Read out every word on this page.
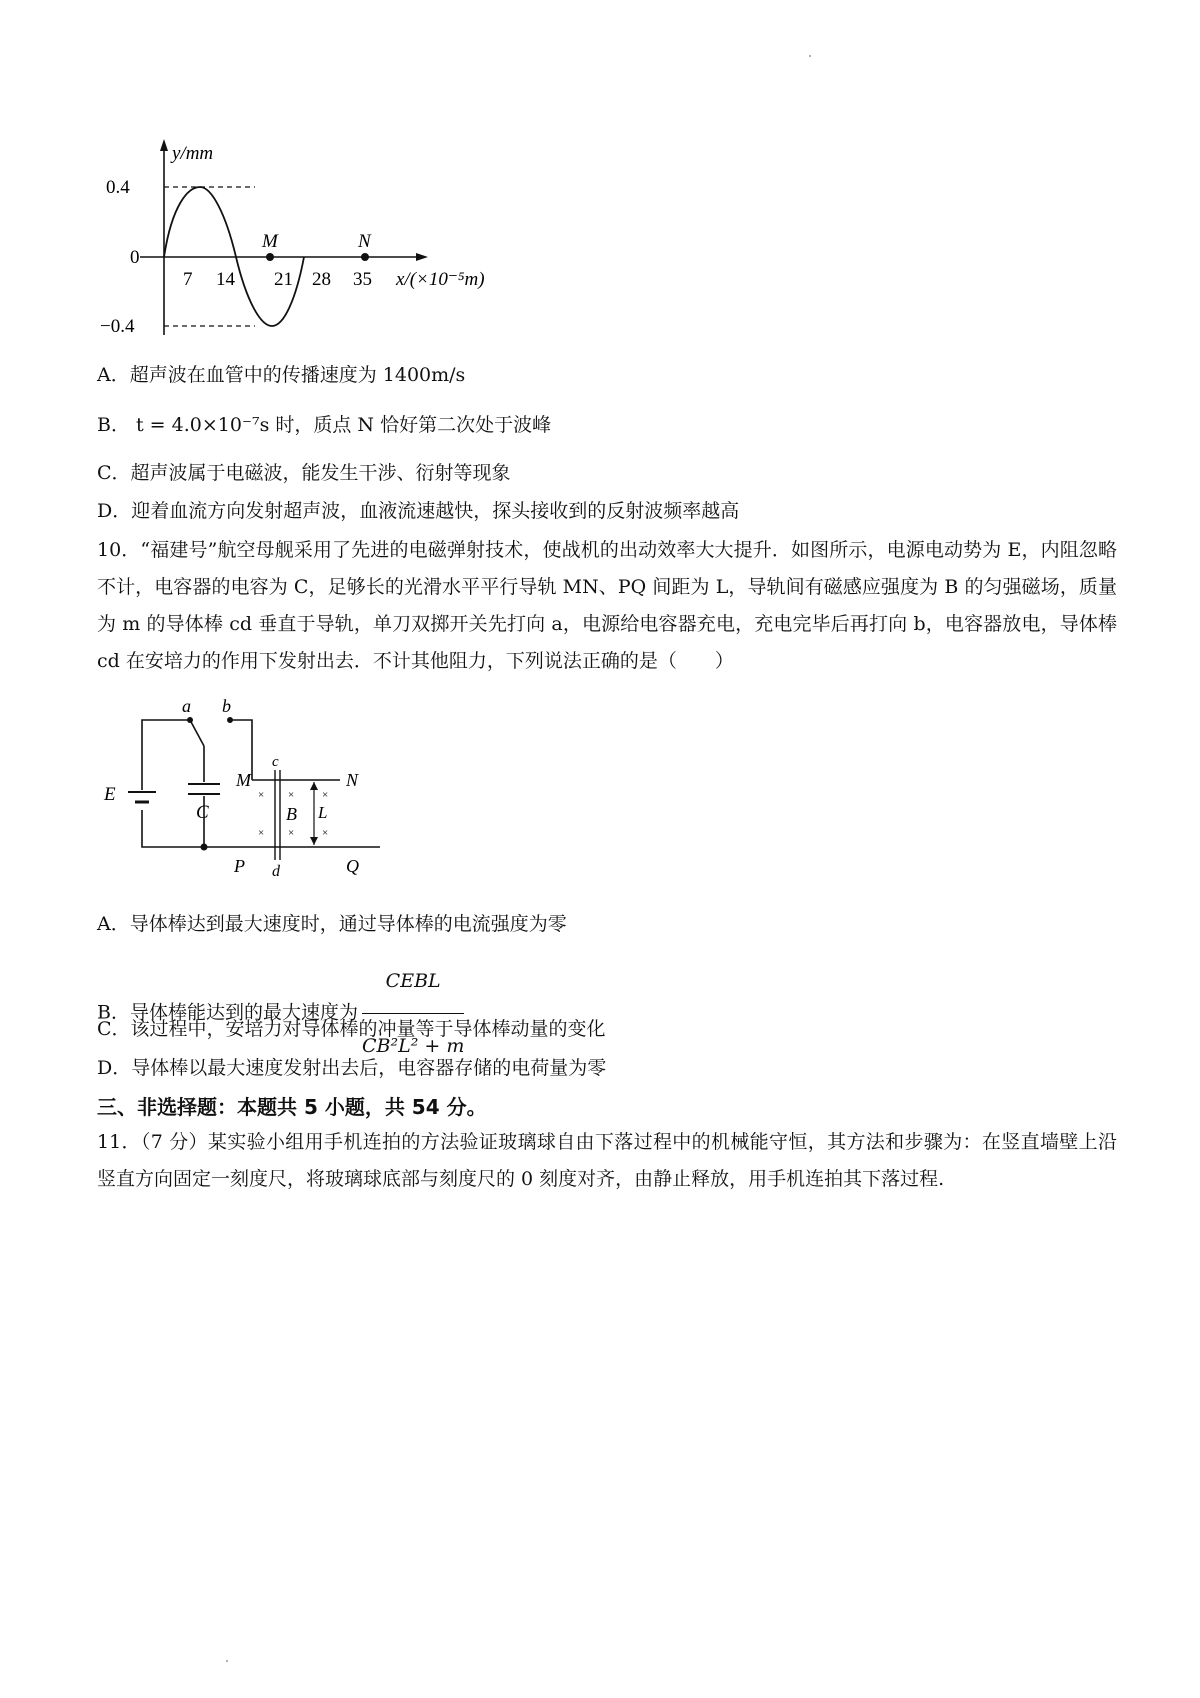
y/mm
0.4
0
−0.4
7 14 21 28 35 x/(×10⁻⁵m)
M	N
A．超声波在血管中的传播速度为 1400m/s
B． t = 4.0×10⁻⁷s 时，质点 N 恰好第二次处于波峰
C．超声波属于电磁波，能发生干涉、衍射等现象
D．迎着血流方向发射超声波，血液流速越快，探头接收到的反射波频率越高
10．“福建号”航空母舰采用了先进的电磁弹射技术，使战机的出动效率大大提升．如图所示，电源电动势为 E，内阻忽略不计，电容器的电容为 C，足够长的光滑水平平行导轨 MN、PQ 间距为 L，导轨间有磁感应强度为 B 的匀强磁场，质量为 m 的导体棒 cd 垂直于导轨，单刀双掷开关先打向 a，电源给电容器充电，充电完毕后再打向 b，电容器放电，导体棒 cd 在安培力的作用下发射出去．不计其他阻力，下列说法正确的是（　　）
× ×	×
× ×	×
E
a b
C
M	N
P	Q
c
d
B L
A．导体棒达到最大速度时，通过导体棒的电流强度为零
B．导体棒能达到的最大速度为 $\frac{\text{CEBL}}{\text{CB²L² + m}}$
C．该过程中，安培力对导体棒的冲量等于导体棒动量的变化
D．导体棒以最大速度发射出去后，电容器存储的电荷量为零
三、非选择题：本题共 5 小题，共 54 分。
11．（7 分）某实验小组用手机连拍的方法验证玻璃球自由下落过程中的机械能守恒，其方法和步骤为：在竖直墙壁上沿竖直方向固定一刻度尺，将玻璃球底部与刻度尺的 0 刻度对齐，由静止释放，用手机连拍其下落过程.
